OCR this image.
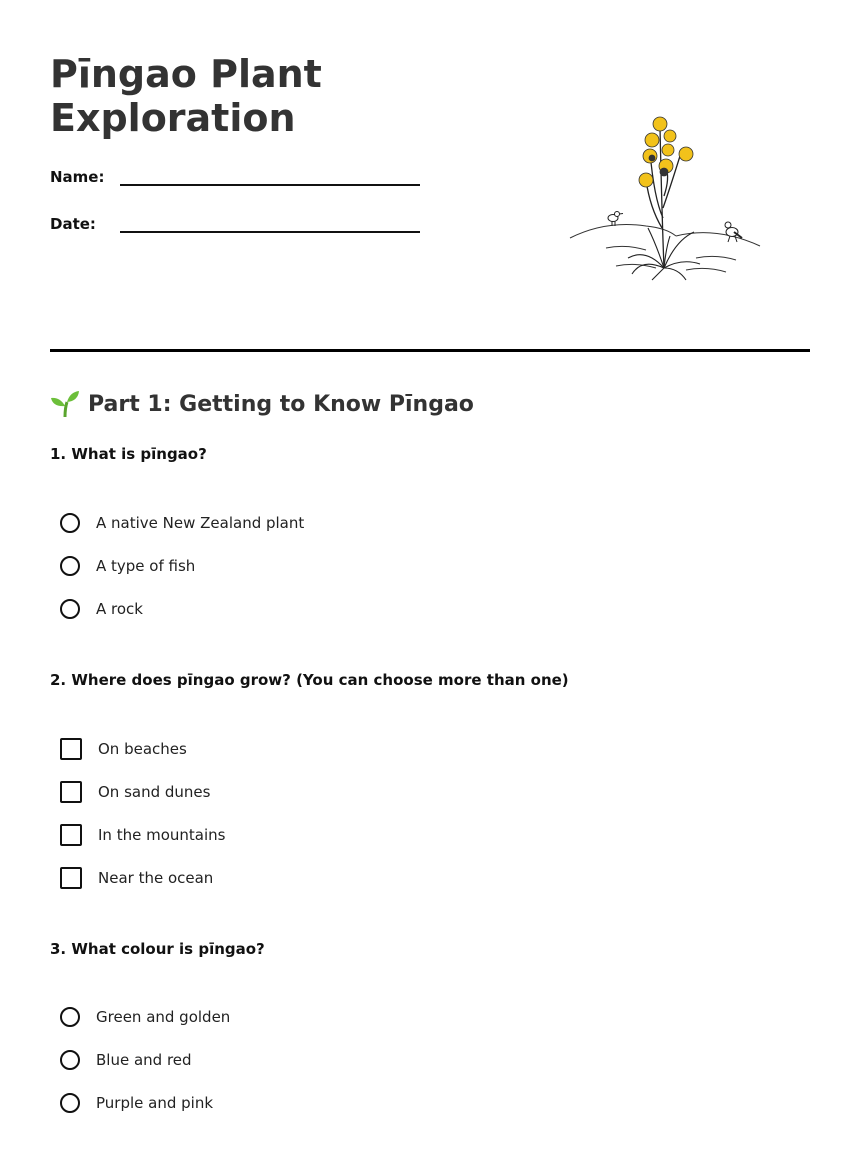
Pīngao Plant Exploration
Name:
Date:
Part 1: Getting to Know Pīngao

1. What is pīngao?

A native New Zealand plant
A type of fish
A rock

2. Where does pīngao grow? (You can choose more than one)

On beaches
On sand dunes
In the mountains
Near the ocean

3. What colour is pīngao?

Green and golden
Blue and red
Purple and pink
